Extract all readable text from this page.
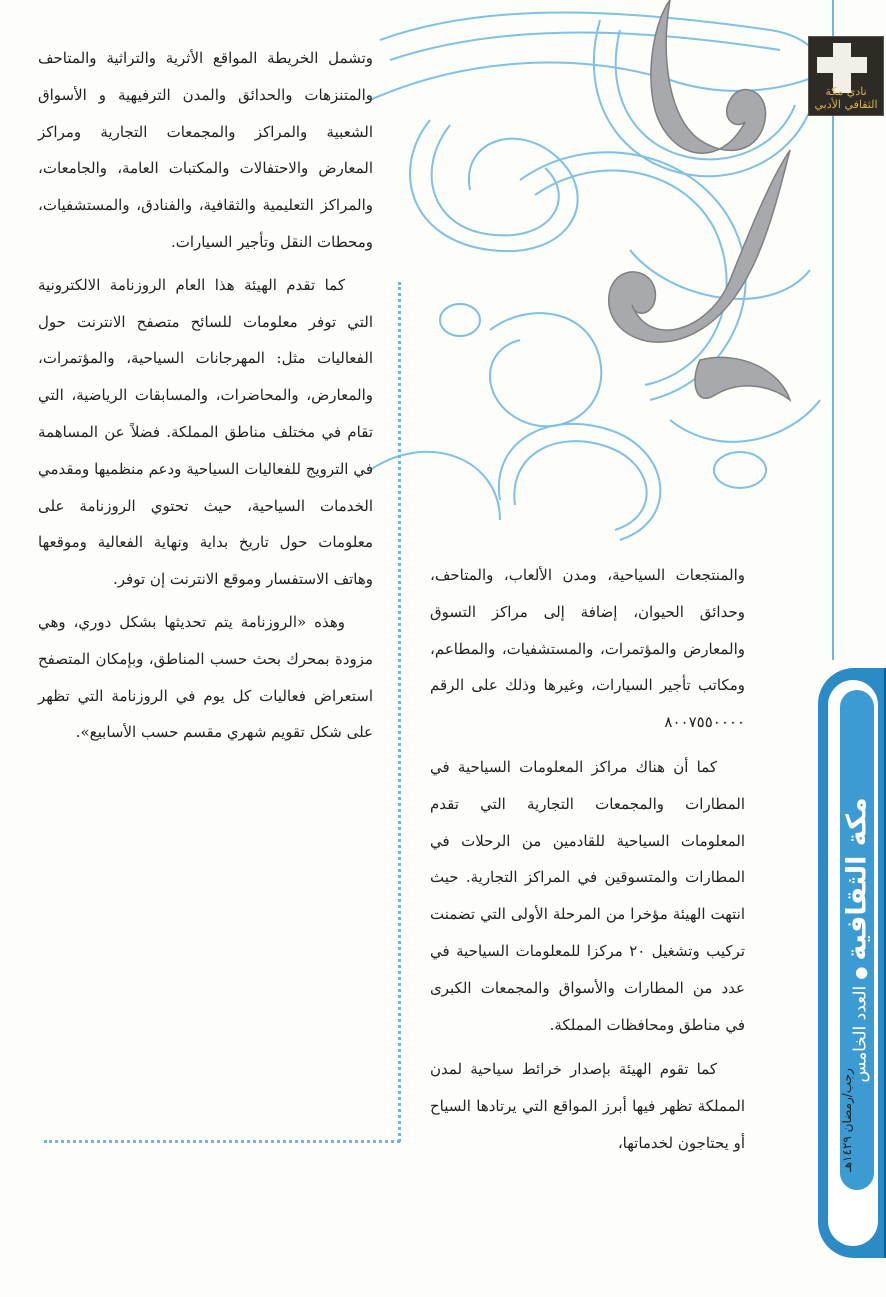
نادي مكة الثقافي الأدبي
مكة الثقافية●العدد الخامس
٢٢
رجب/رمضان ١٤٢٩هـ

وتشمل الخريطة المواقع الأثرية والتراثية والمتاحف والمتنزهات والحدائق والمدن الترفيهية و الأسواق الشعبية والمراكز والمجمعات التجارية ومراكز المعارض والاحتفالات والمكتبات العامة، والجامعات، والمراكز التعليمية والثقافية، والفنادق، والمستشفيات، ومحطات النقل وتأجير السيارات.

كما تقدم الهيئة هذا العام الروزنامة الالكترونية التي توفر معلومات للسائح متصفح الانترنت حول الفعاليات مثل: المهرجانات السياحية، والمؤتمرات، والمعارض، والمحاضرات، والمسابقات الرياضية، التي تقام في مختلف مناطق المملكة. فضلاً عن المساهمة في الترويج للفعاليات السياحية ودعم منظميها ومقدمي الخدمات السياحية، حيث تحتوي الروزنامة على معلومات حول تاريخ بداية ونهاية الفعالية وموقعها وهاتف الاستفسار وموقع الانترنت إن توفر.

وهذه «الروزنامة يتم تحديثها بشكل دوري، وهي مزودة بمحرك بحث حسب المناطق، وبإمكان المتصفح استعراض فعاليات كل يوم في الروزنامة التي تظهر على شكل تقويم شهري مقسم حسب الأسابيع».

والمنتجعات السياحية، ومدن الألعاب، والمتاحف، وحدائق الحيوان، إضافة إلى مراكز التسوق والمعارض والمؤتمرات، والمستشفيات، والمطاعم، ومكاتب تأجير السيارات، وغيرها وذلك على الرقم ٨٠٠٧٥٥٠٠٠٠

كما أن هناك مراكز المعلومات السياحية في المطارات والمجمعات التجارية التي تقدم المعلومات السياحية للقادمين من الرحلات في المطارات والمتسوقين في المراكز التجارية. حيث انتهت الهيئة مؤخرا من المرحلة الأولى التي تضمنت تركيب وتشغيل ٢٠ مركزا للمعلومات السياحية في عدد من المطارات والأسواق والمجمعات الكبرى في مناطق ومحافظات المملكة.

كما تقوم الهيئة بإصدار خرائط سياحية لمدن المملكة تظهر فيها أبرز المواقع التي يرتادها السياح أو يحتاجون لخدماتها،
